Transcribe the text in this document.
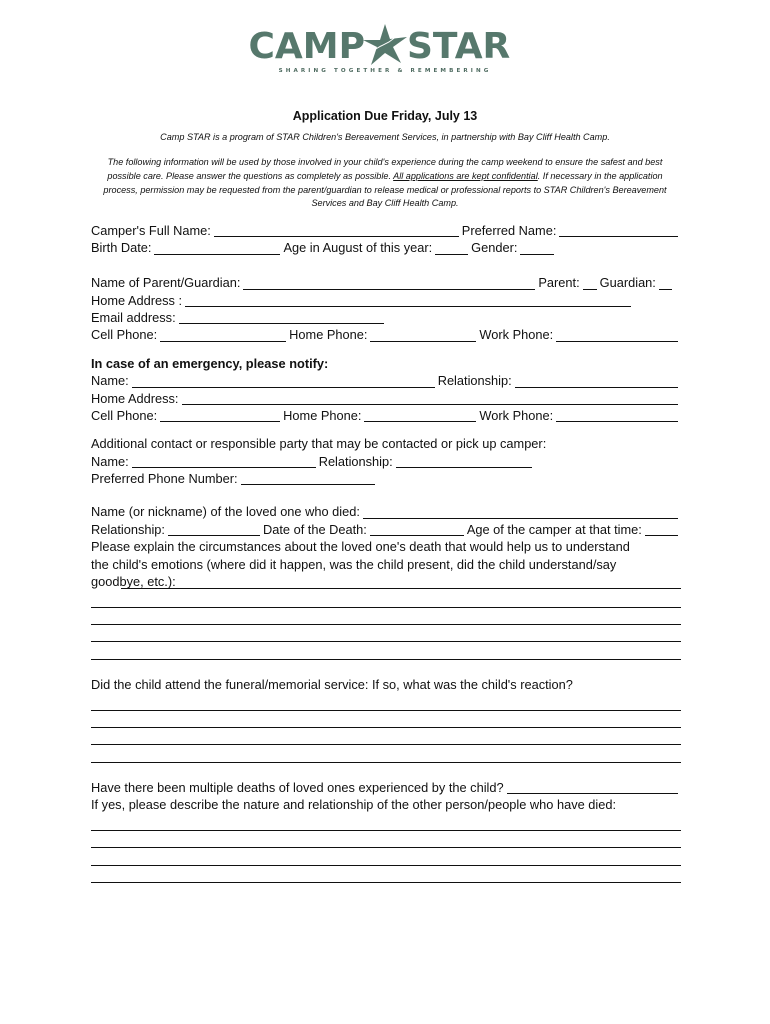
CAMP STAR
SHARING TOGETHER & REMEMBERING
Application Due Friday, July 13
Camp STAR is a program of STAR Children's Bereavement Services, in partnership with Bay Cliff Health Camp.
The following information will be used by those involved in your child's experience during the camp weekend to ensure the safest and best possible care. Please answer the questions as completely as possible. All applications are kept confidential. If necessary in the application process, permission may be requested from the parent/guardian to release medical or professional reports to STAR Children's Bereavement Services and Bay Cliff Health Camp.
Camper's Full Name:	Preferred Name:
Birth Date:	Age in August of this year:	Gender:
Name of Parent/Guardian:	Parent: Guardian:
Home Address :
Email address:
Cell Phone:	Home Phone:	Work Phone:
In case of an emergency, please notify:
Name:	Relationship:
Home Address:
Cell Phone:	Home Phone:	Work Phone:
Additional contact or responsible party that may be contacted or pick up camper:
Name:	Relationship:
Preferred Phone Number:
Name (or nickname) of the loved one who died:
Relationship:	Date of the Death:	Age of the camper at that time:
Please explain the circumstances about the loved one's death that would help us to understand the child's emotions (where did it happen, was the child present, did the child understand/say goodbye, etc.):
Did the child attend the funeral/memorial service: If so, what was the child's reaction?
Have there been multiple deaths of loved ones experienced by the child?
If yes, please describe the nature and relationship of the other person/people who have died:
